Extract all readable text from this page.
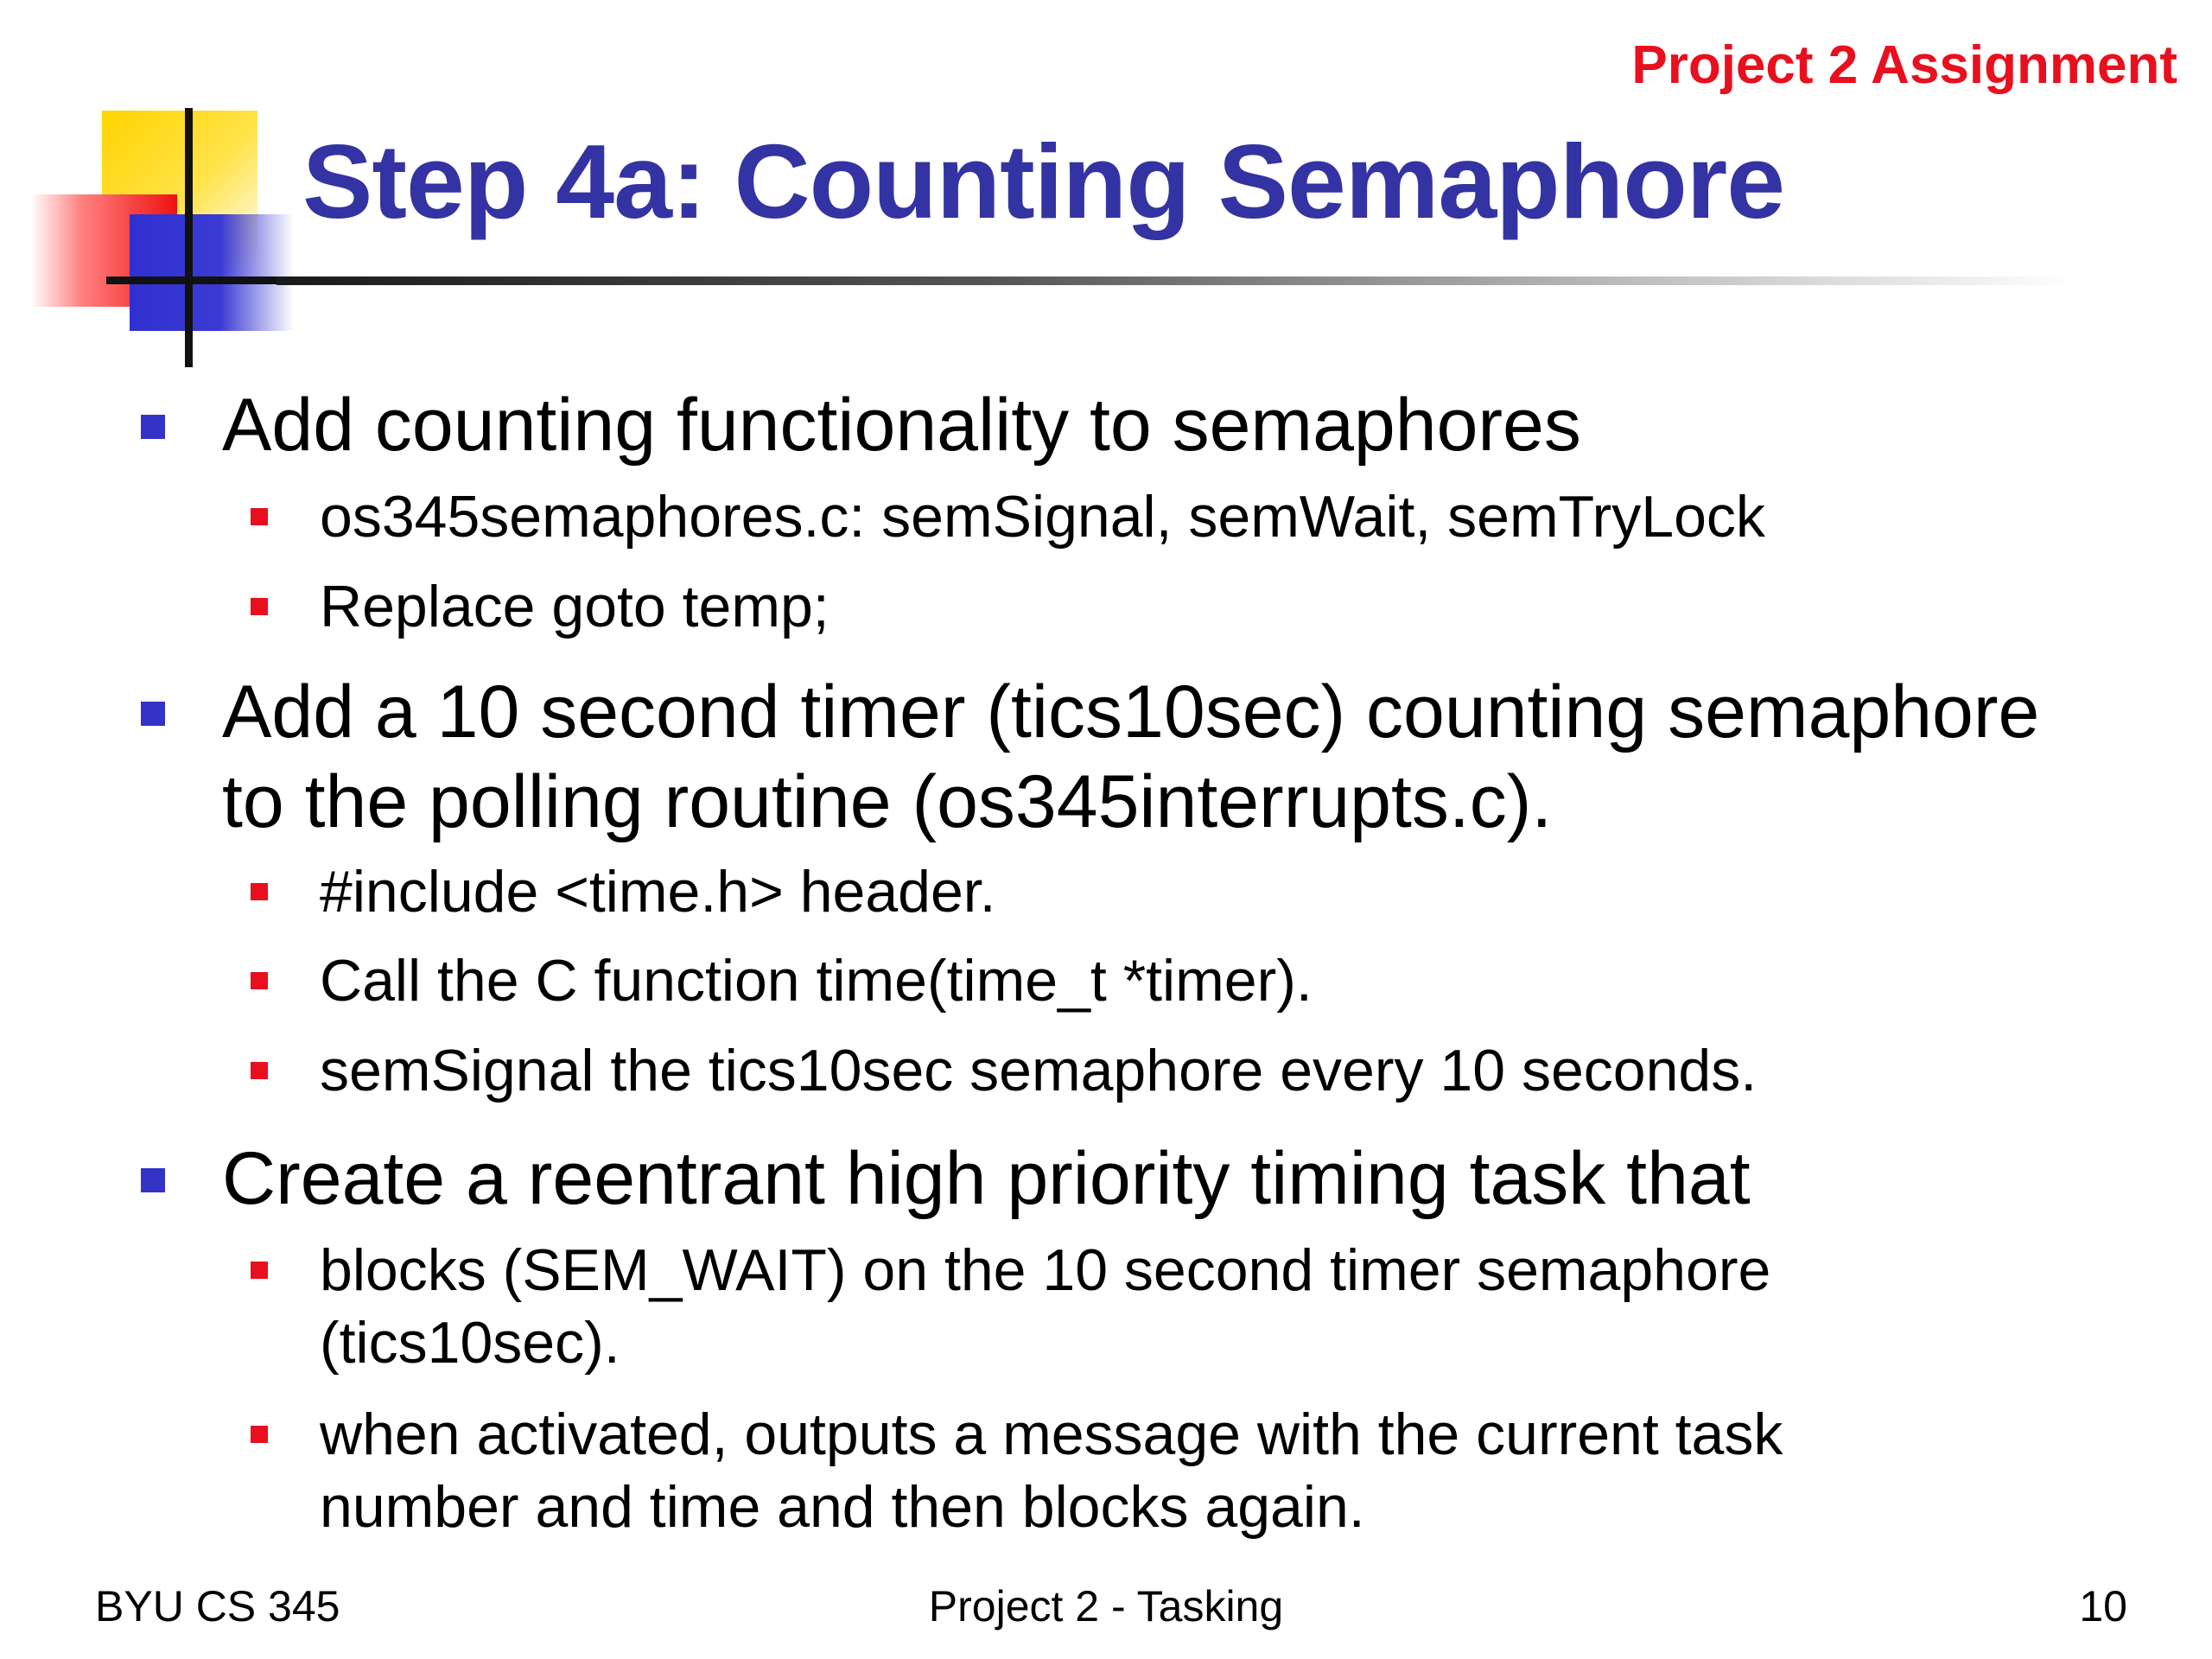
Project 2 Assignment
Step 4a: Counting Semaphore
Add counting functionality to semaphores
os345semaphores.c: semSignal, semWait, semTryLock
Replace goto temp;
Add a 10 second timer (tics10sec) counting semaphore
to the polling routine (os345interrupts.c).
#include <time.h> header.
Call the C function time(time_t *timer).
semSignal the tics10sec semaphore every 10 seconds.
Create a reentrant high priority timing task that
blocks (SEM_WAIT) on the 10 second timer semaphore
(tics10sec).
when activated, outputs a message with the current task
number and time and then blocks again.
BYU CS 345	Project 2 - Tasking	10
